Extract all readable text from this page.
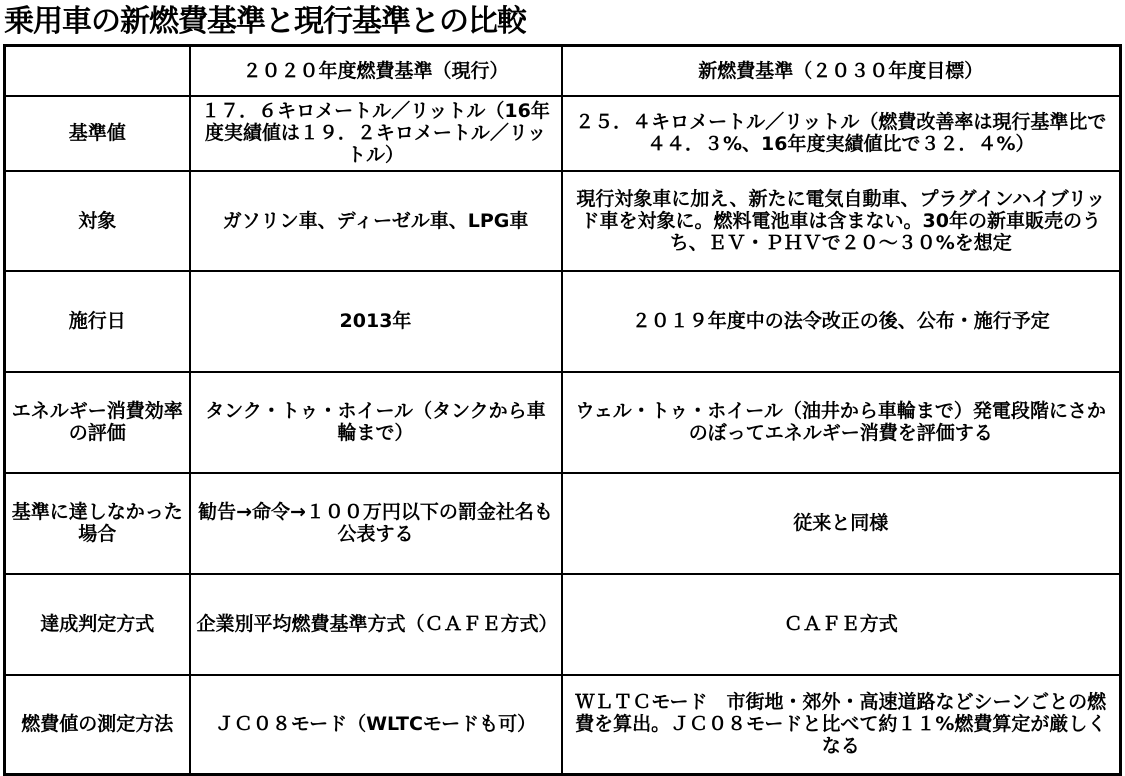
乗用車の新燃費基準と現行基準との比較
	２０２０年度燃費基準（現行）	新燃費基準（２０３０年度目標）
基準値	１７．６キロメートル／リットル（16年度実績値は１９．２キロメートル／リットル）	２５．４キロメートル／リットル（燃費改善率は現行基準比で４４．３%、16年度実績値比で３２．４%）
対象	ガソリン車、ディーゼル車、LPG車	現行対象車に加え、新たに電気自動車、プラグインハイブリッド車を対象に。燃料電池車は含まない。30年の新車販売のうち、ＥＶ・ＰＨＶで２０～３０%を想定
施行日	2013年	２０１９年度中の法令改正の後、公布・施行予定
エネルギー消費効率の評価	タンク・トゥ・ホイール（タンクから車輪まで）	ウェル・トゥ・ホイール（油井から車輪まで）発電段階にさかのぼってエネルギー消費を評価する
基準に達しなかった場合	勧告→命令→１００万円以下の罰金社名も公表する	従来と同様
達成判定方式	企業別平均燃費基準方式（ＣＡＦＥ方式）	ＣＡＦＥ方式
燃費値の測定方法	ＪＣ０８モード（WLTCモードも可）	ＷＬＴＣモード　市街地・郊外・高速道路などシーンごとの燃費を算出。ＪＣ０８モードと比べて約１１%燃費算定が厳しくなる
